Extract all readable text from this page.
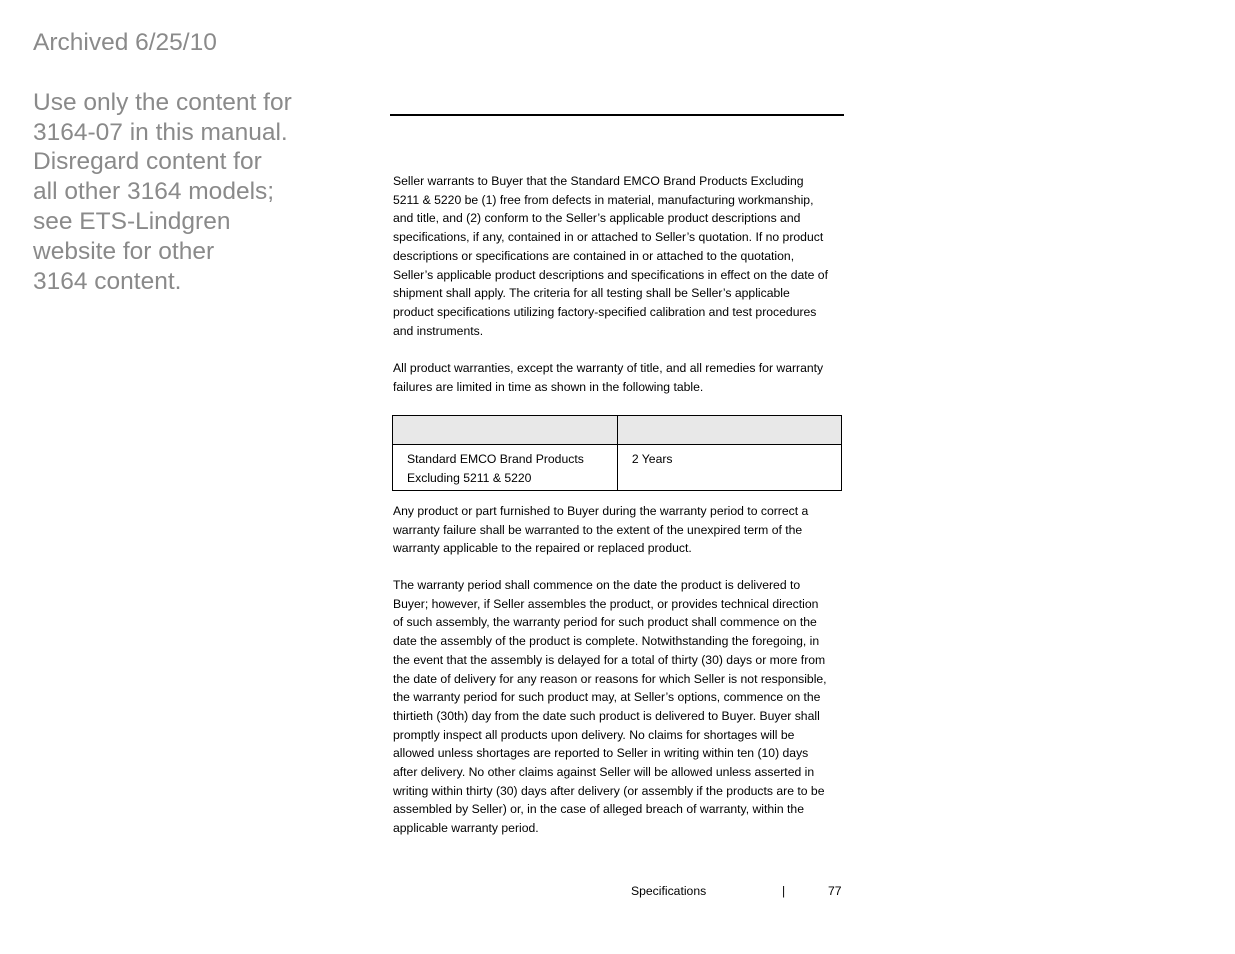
Archived 6/25/10
Use only the content for
3164-07 in this manual.
Disregard content for
all other 3164 models;
see ETS-Lindgren
website for other
3164 content.
Seller warrants to Buyer that the Standard EMCO Brand Products Excluding
5211 & 5220 be (1) free from defects in material, manufacturing workmanship,
and title, and (2) conform to the Seller’s applicable product descriptions and
specifications, if any, contained in or attached to Seller’s quotation. If no product
descriptions or specifications are contained in or attached to the quotation,
Seller’s applicable product descriptions and specifications in effect on the date of
shipment shall apply. The criteria for all testing shall be Seller’s applicable
product specifications utilizing factory-specified calibration and test procedures
and instruments.
All product warranties, except the warranty of title, and all remedies for warranty
failures are limited in time as shown in the following table.

Standard EMCO Brand Products
Excluding 5211 & 5220	2 Years
Any product or part furnished to Buyer during the warranty period to correct a
warranty failure shall be warranted to the extent of the unexpired term of the
warranty applicable to the repaired or replaced product.
The warranty period shall commence on the date the product is delivered to
Buyer; however, if Seller assembles the product, or provides technical direction
of such assembly, the warranty period for such product shall commence on the
date the assembly of the product is complete. Notwithstanding the foregoing, in
the event that the assembly is delayed for a total of thirty (30) days or more from
the date of delivery for any reason or reasons for which Seller is not responsible,
the warranty period for such product may, at Seller’s options, commence on the
thirtieth (30th) day from the date such product is delivered to Buyer. Buyer shall
promptly inspect all products upon delivery. No claims for shortages will be
allowed unless shortages are reported to Seller in writing within ten (10) days
after delivery. No other claims against Seller will be allowed unless asserted in
writing within thirty (30) days after delivery (or assembly if the products are to be
assembled by Seller) or, in the case of alleged breach of warranty, within the
applicable warranty period.
Specifications	|	77
